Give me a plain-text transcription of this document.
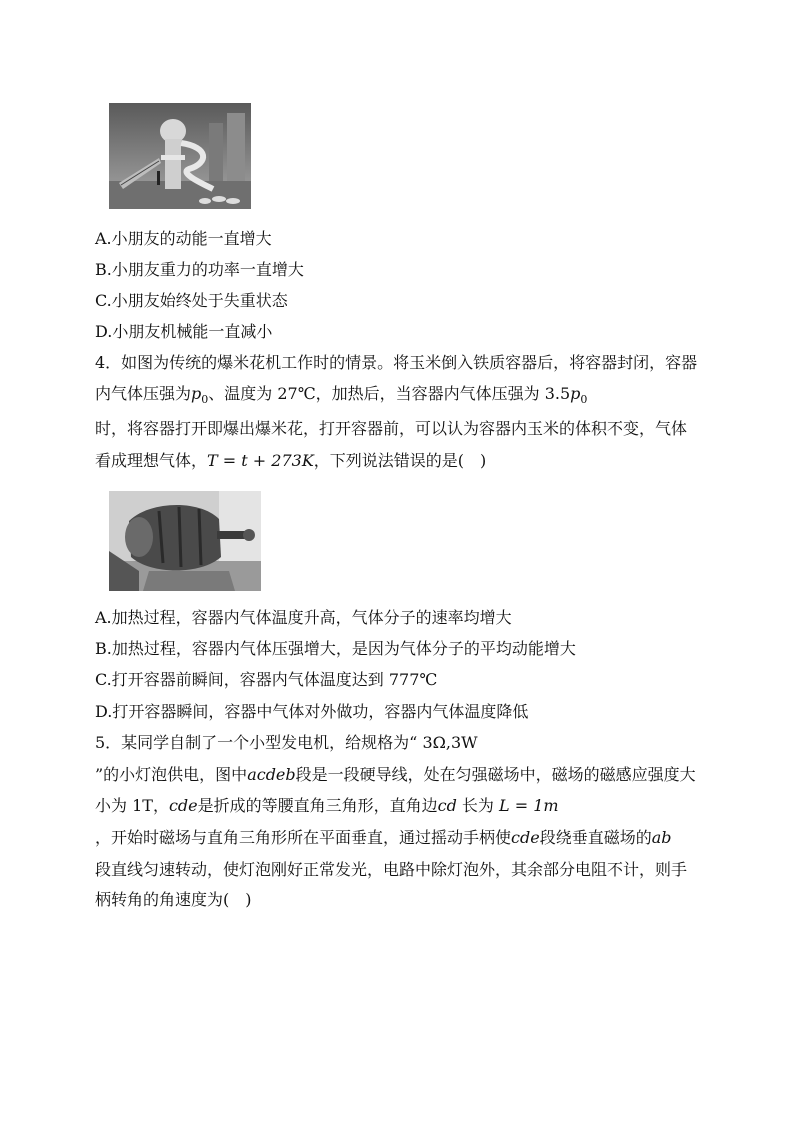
A.小朋友的动能一直增大
B.小朋友重力的功率一直增大
C.小朋友始终处于失重状态
D.小朋友机械能一直减小
4．如图为传统的爆米花机工作时的情景。将玉米倒入铁质容器后，将容器封闭，容器
内气体压强为$p_0$、温度为 27℃，加热后，当容器内气体压强为 $3.5p_0$
时，将容器打开即爆出爆米花，打开容器前，可以认为容器内玉米的体积不变，气体
看成理想气体，T = t + 273K，下列说法错误的是(　)
A.加热过程，容器内气体温度升高，气体分子的速率均增大
B.加热过程，容器内气体压强增大，是因为气体分子的平均动能增大
C.打开容器前瞬间，容器内气体温度达到 777℃
D.打开容器瞬间，容器中气体对外做功，容器内气体温度降低
5．某同学自制了一个小型发电机，给规格为“ 3Ω,3W
”的小灯泡供电，图中acdeb段是一段硬导线，处在匀强磁场中，磁场的磁感应强度大
小为 1T，cde是折成的等腰直角三角形，直角边cd 长为 L = 1m
，开始时磁场与直角三角形所在平面垂直，通过摇动手柄使cde段绕垂直磁场的ab
段直线匀速转动，使灯泡刚好正常发光，电路中除灯泡外，其余部分电阻不计，则手
柄转角的角速度为(　)
